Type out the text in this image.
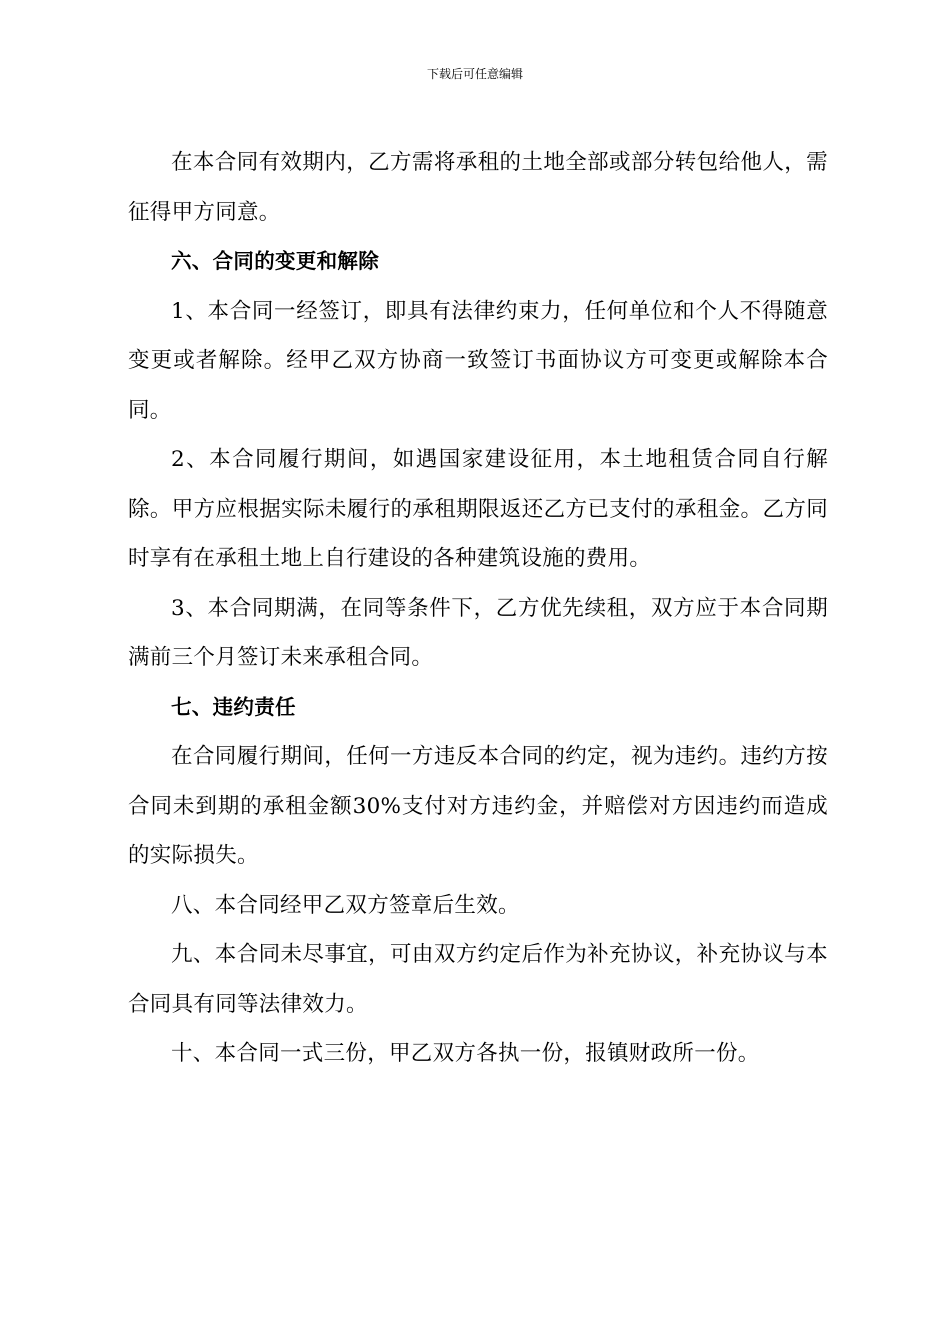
下载后可任意编辑

在本合同有效期内，乙方需将承租的土地全部或部分转包给他人，需征得甲方同意。

六、合同的变更和解除

1、本合同一经签订，即具有法律约束力，任何单位和个人不得随意变更或者解除。经甲乙双方协商一致签订书面协议方可变更或解除本合同。

2、本合同履行期间，如遇国家建设征用，本土地租赁合同自行解除。甲方应根据实际未履行的承租期限返还乙方已支付的承租金。乙方同时享有在承租土地上自行建设的各种建筑设施的费用。

3、本合同期满，在同等条件下，乙方优先续租，双方应于本合同期满前三个月签订未来承租合同。

七、违约责任

在合同履行期间，任何一方违反本合同的约定，视为违约。违约方按合同未到期的承租金额30%支付对方违约金，并赔偿对方因违约而造成的实际损失。

八、本合同经甲乙双方签章后生效。

九、本合同未尽事宜，可由双方约定后作为补充协议，补充协议与本合同具有同等法律效力。

十、本合同一式三份，甲乙双方各执一份，报镇财政所一份。
